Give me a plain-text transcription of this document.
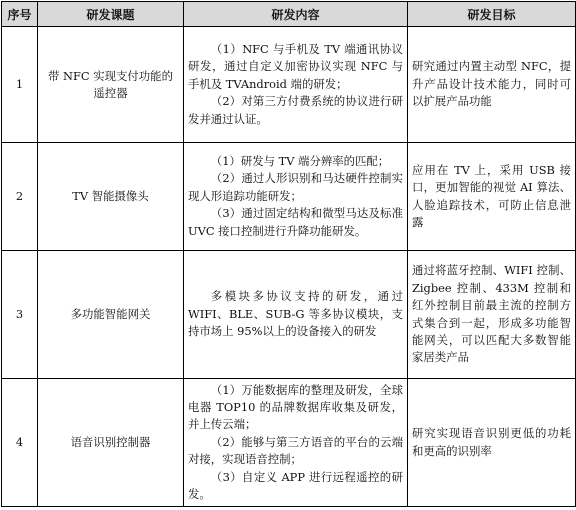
序号	研发课题	研发内容	研发目标
1	带 NFC 实现支付功能的遥控器	（1）NFC 与手机及 TV 端通讯协议研发，通过自定义加密协议实现 NFC 与手机及 TVAndroid 端的研发；
（2）对第三方付费系统的协议进行研发并通过认证。	研究通过内置主动型 NFC，提升产品设计技术能力，同时可以扩展产品功能
2	TV 智能摄像头	（1）研发与 TV 端分辨率的匹配；
（2）通过人形识别和马达硬件控制实现人形追踪功能研发；
（3）通过固定结构和微型马达及标准 UVC 接口控制进行升降功能研发。	应用在 TV 上，采用 USB 接口，更加智能的视觉 AI 算法、人脸追踪技术，可防止信息泄露
3	多功能智能网关	多模块多协议支持的研发，通过 WIFI、BLE、SUB-G 等多协议模块，支持市场上 95%以上的设备接入的研发	通过将蓝牙控制、WIFI 控制、Zigbee 控制、433M 控制和红外控制目前最主流的控制方式集合到一起，形成多功能智能网关，可以匹配大多数智能家居类产品
4	语音识别控制器	（1）万能数据库的整理及研发，全球电器 TOP10 的品牌数据库收集及研发，并上传云端；
（2）能够与第三方语音的平台的云端对接，实现语音控制；
（3）自定义 APP 进行远程遥控的研发。	研究实现语音识别更低的功耗和更高的识别率
